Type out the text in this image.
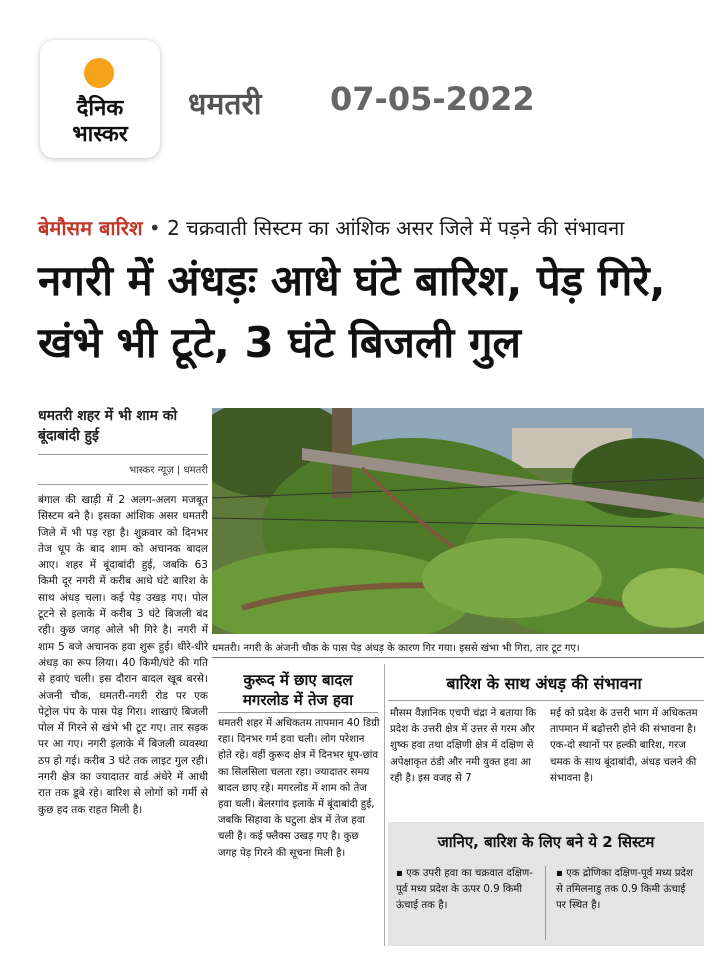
दैनिक
भास्कर
धमतरी 07-05-2022
बेमौसम बारिश • 2 चक्रवाती सिस्टम का आंशिक असर जिले में पड़ने की संभावना
नगरी में अंधड़ः आधे घंटे बारिश, पेड़ गिरे, खंभे भी टूटे, 3 घंटे बिजली गुल
धमतरी शहर में भी शाम को बूंदाबांदी हुई
भास्कर न्यूज़ | धमतरी
बंगाल की खाड़ी में 2 अलग-अलग मजबूत सिस्टम बने है। इसका आंशिक असर धमतरी जिले में भी पड़ रहा है। शुक्रवार को दिनभर तेज धूप के बाद शाम को अचानक बादल आए। शहर में बूंदाबांदी हुई, जबकि 63 किमी दूर नगरी में करीब आधे घंटे बारिश के साथ अंधड़ चला। कई पेड़ उखड़ गए। पोल टूटने से इलाके में करीब 3 घंटे बिजली बंद रही। कुछ जगह ओले भी गिरे है। नगरी में शाम 5 बजे अचानक हवा शुरू हुई। धीरे-धीरे अंधड़ का रूप लिया। 40 किमी/घंटे की गति से हवाएं चली। इस दौरान बादल खूब बरसे। अंजनी चौक, धमतरी-नगरी रोड पर एक पेट्रोल पंप के पास पेड़ गिरा। शाखाएं बिजली पोल में गिरने से खंभे भी टूट गए। तार सड़क पर आ गए। नगरी इलाके में बिजली व्यवस्था ठप हो गई। करीब 3 घंटे तक लाइट गुल रही। नगरी क्षेत्र का ज्यादातर वार्ड अंधेरे में आधी रात तक डूबे रहे। बारिश से लोगों को गर्मी से कुछ हद तक राहत मिली है।
धमतरी। नगरी के अंजनी चौक के पास पेड़ अंधड़ के कारण गिर गया। इससे खंभा भी गिरा, तार टूट गए।
कुरूद में छाए बादल
मगरलोड में तेज हवा
धमतरी शहर में अधिकतम तापमान 40 डिग्री रहा। दिनभर गर्म हवा चली। लोग परेशान होते रहे। वहीं कुरूद क्षेत्र में दिनभर धूप-छांव का सिलसिला चलता रहा। ज्यादातर समय बादल छाए रहे। मगरलोड में शाम को तेज हवा चली। बेलरगांव इलाके में बूंदाबांदी हुई, जबकि सिहावा के घटुला क्षेत्र में तेज हवा चली है। कई फ्लैक्स उखड़ गए है। कुछ जगह पेड़ गिरने की सूचना मिली है।
बारिश के साथ अंधड़ की संभावना
मौसम वैज्ञानिक एचपी चंद्रा ने बताया कि प्रदेश के उत्तरी क्षेत्र में उत्तर से गरम और शुष्क हवा तथा दक्षिणी क्षेत्र में दक्षिण से अपेक्षाकृत ठंडी और नमी युक्त हवा आ रही है। इस वजह से 7
मई को प्रदेश के उत्तरी भाग में अधिकतम तापमान में बढ़ोत्तरी होने की संभावना है। एक-दो स्थानों पर हल्की बारिश, गरज चमक के साथ बूंदाबांदी, अंधड़ चलने की संभावना है।
जानिए, बारिश के लिए बने ये 2 सिस्टम
▪ एक उपरी हवा का चक्रवात दक्षिण-पूर्व मध्य प्रदेश के ऊपर 0.9 किमी ऊंचाई तक है।
▪ एक द्रोणिका दक्षिण-पूर्व मध्य प्रदेश से तमिलनाडु तक 0.9 किमी ऊंचाई पर स्थित है।
